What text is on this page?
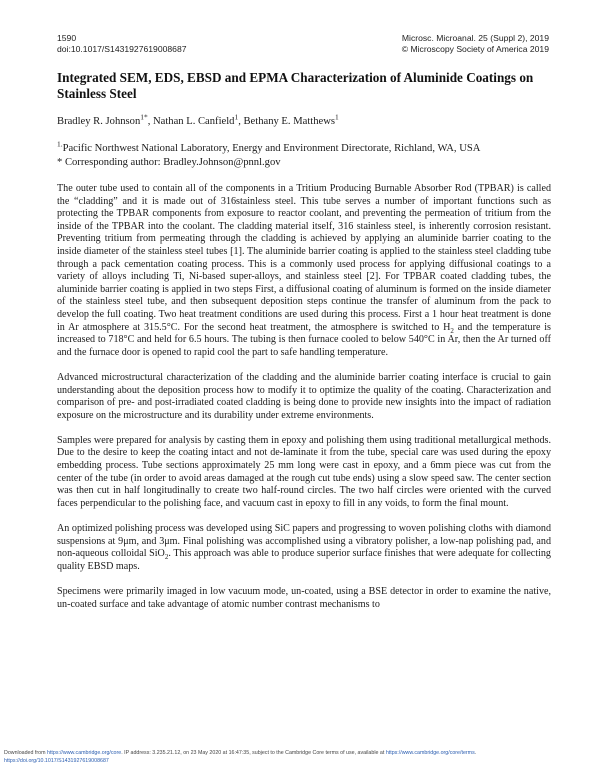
1590
doi:10.1017/S1431927619008687
Microsc. Microanal. 25 (Suppl 2), 2019
© Microscopy Society of America 2019
Integrated SEM, EDS, EBSD and EPMA Characterization of Aluminide Coatings on Stainless Steel
Bradley R. Johnson$^{1*}$, Nathan L. Canfield$^1$, Bethany E. Matthews$^1$
$^{1.}$Pacific Northwest National Laboratory, Energy and Environment Directorate, Richland, WA, USA
* Corresponding author: Bradley.Johnson@pnnl.gov

The outer tube used to contain all of the components in a Tritium Producing Burnable Absorber Rod (TPBAR) is called the “cladding” and it is made out of 316stainless steel. This tube serves a number of important functions such as protecting the TPBAR components from exposure to reactor coolant, and preventing the permeation of tritium from the inside of the TPBAR into the coolant. The cladding material itself, 316 stainless steel, is inherently corrosion resistant. Preventing tritium from permeating through the cladding is achieved by applying an aluminide barrier coating to the inside diameter of the stainless steel tubes [1]. The aluminide barrier coating is applied to the stainless steel cladding tube through a pack cementation coating process. This is a commonly used process for applying diffusional coatings to a variety of alloys including Ti, Ni-based super-alloys, and stainless steel [2]. For TPBAR coated cladding tubes, the aluminide barrier coating is applied in two steps First, a diffusional coating of aluminum is formed on the inside diameter of the stainless steel tube, and then subsequent deposition steps continue the transfer of aluminum from the pack to develop the full coating. Two heat treatment conditions are used during this process. First a 1 hour heat treatment is done in Ar atmosphere at 315.5°C. For the second heat treatment, the atmosphere is switched to $H_2$ and the temperature is increased to 718°C and held for 6.5 hours. The tubing is then furnace cooled to below 540°C in Ar, then the Ar turned off and the furnace door is opened to rapid cool the part to safe handling temperature.

Advanced microstructural characterization of the cladding and the aluminide barrier coating interface is crucial to gain understanding about the deposition process how to modify it to optimize the quality of the coating. Characterization and comparison of pre- and post-irradiated coated cladding is being done to provide new insights into the impact of radiation exposure on the microstructure and its durability under extreme environments.

Samples were prepared for analysis by casting them in epoxy and polishing them using traditional metallurgical methods. Due to the desire to keep the coating intact and not de-laminate it from the tube, special care was used during the epoxy embedding process. Tube sections approximately 25 mm long were cast in epoxy, and a 6mm piece was cut from the center of the tube (in order to avoid areas damaged at the rough cut tube ends) using a slow speed saw. The center section was then cut in half longitudinally to create two half-round circles. The two half circles were oriented with the curved faces perpendicular to the polishing face, and vacuum cast in epoxy to fill in any voids, to form the final mount.

An optimized polishing process was developed using SiC papers and progressing to woven polishing cloths with diamond suspensions at 9μm, and 3μm. Final polishing was accomplished using a vibratory polisher, a low-nap polishing pad, and non-aqueous colloidal SiO$_2$. This approach was able to produce superior surface finishes that were adequate for collecting quality EBSD maps.

Specimens were primarily imaged in low vacuum mode, un-coated, using a BSE detector in order to examine the native, un-coated surface and take advantage of atomic number contrast mechanisms to

Downloaded from https://www.cambridge.org/core. IP address: 3.235.21.12, on 23 May 2020 at 16:47:35, subject to the Cambridge Core terms of use, available at https://www.cambridge.org/core/terms.
https://doi.org/10.1017/S1431927619008687
